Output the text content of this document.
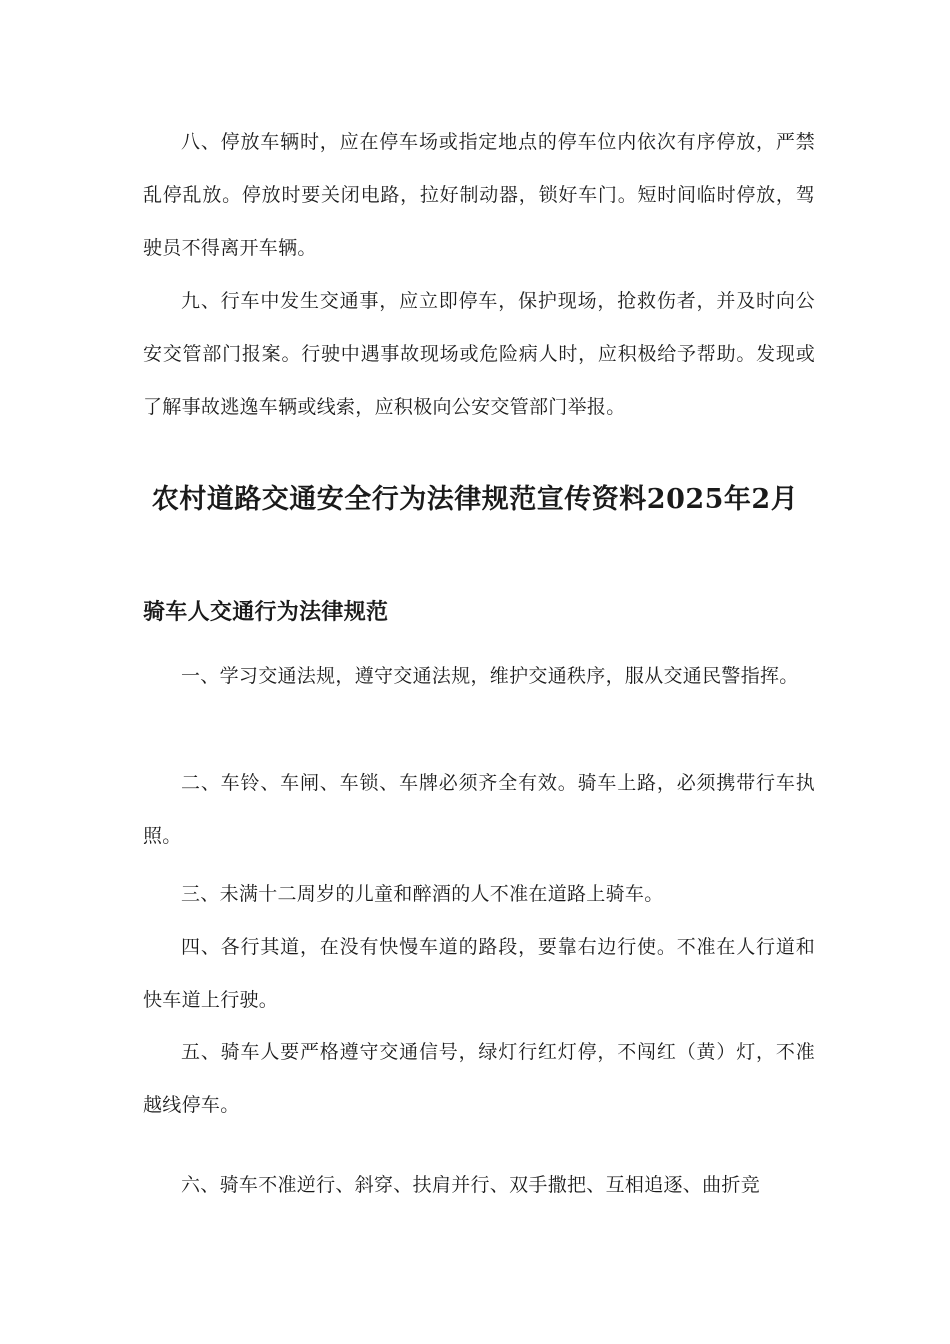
八、停放车辆时，应在停车场或指定地点的停车位内依次有序停放，严禁乱停乱放。停放时要关闭电路，拉好制动器，锁好车门。短时间临时停放，驾驶员不得离开车辆。

九、行车中发生交通事，应立即停车，保护现场，抢救伤者，并及时向公安交管部门报案。行驶中遇事故现场或危险病人时，应积极给予帮助。发现或了解事故逃逸车辆或线索，应积极向公安交管部门举报。

农村道路交通安全行为法律规范宣传资料2025年2月
骑车人交通行为法律规范

一、学习交通法规，遵守交通法规，维护交通秩序，服从交通民警指挥。

二、车铃、车闸、车锁、车牌必须齐全有效。骑车上路，必须携带行车执照。

三、未满十二周岁的儿童和醉酒的人不准在道路上骑车。

四、各行其道，在没有快慢车道的路段，要靠右边行使。不准在人行道和快车道上行驶。

五、骑车人要严格遵守交通信号，绿灯行红灯停，不闯红（黄）灯，不准越线停车。

六、骑车不准逆行、斜穿、扶肩并行、双手撒把、互相追逐、曲折竞
